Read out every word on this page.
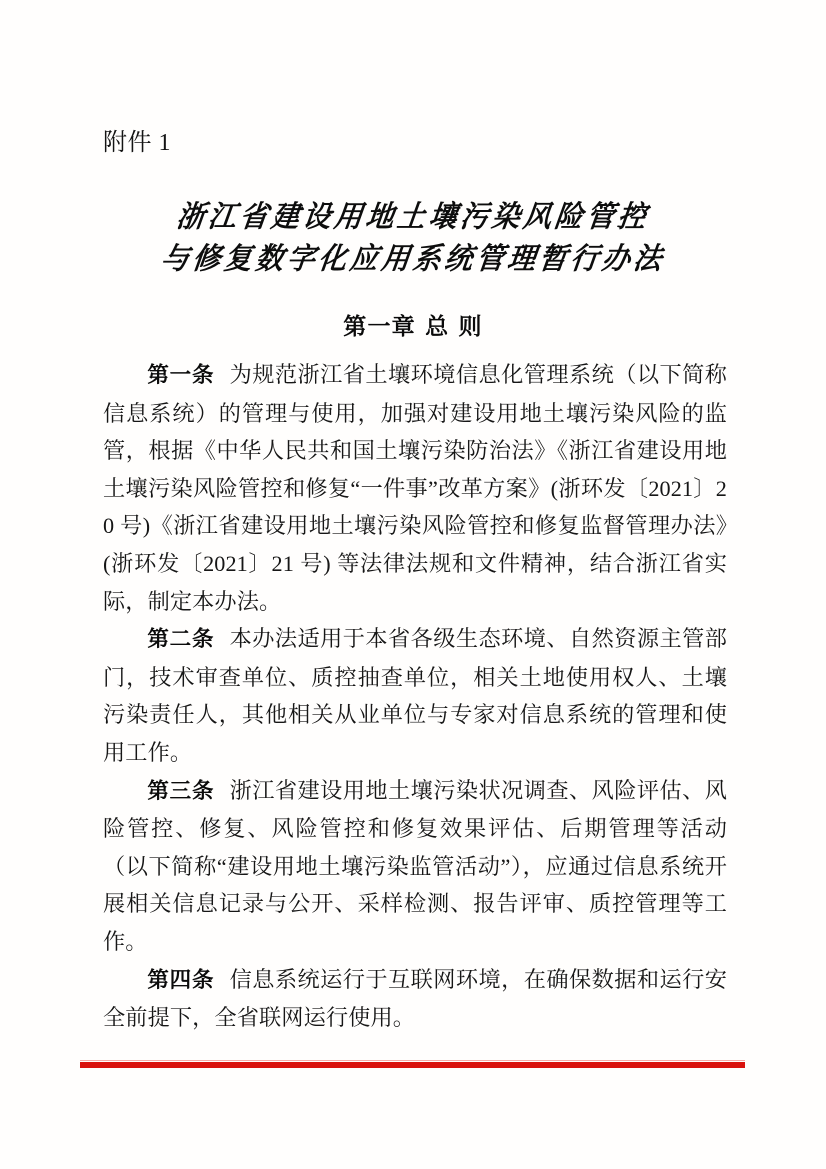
附件 1
浙江省建设用地土壤污染风险管控
与修复数字化应用系统管理暂行办法
第一章 总 则

第一条 为规范浙江省土壤环境信息化管理系统（以下简称信息系统）的管理与使用，加强对建设用地土壤污染风险的监管，根据《中华人民共和国土壤污染防治法》《浙江省建设用地土壤污染风险管控和修复“一件事”改革方案》(浙环发〔2021〕20 号)《浙江省建设用地土壤污染风险管控和修复监督管理办法》(浙环发〔2021〕21 号) 等法律法规和文件精神，结合浙江省实际，制定本办法。

第二条 本办法适用于本省各级生态环境、自然资源主管部门，技术审查单位、质控抽查单位，相关土地使用权人、土壤污染责任人，其他相关从业单位与专家对信息系统的管理和使用工作。

第三条 浙江省建设用地土壤污染状况调查、风险评估、风险管控、修复、风险管控和修复效果评估、后期管理等活动（以下简称“建设用地土壤污染监管活动”），应通过信息系统开展相关信息记录与公开、采样检测、报告评审、质控管理等工作。

第四条 信息系统运行于互联网环境，在确保数据和运行安全前提下，全省联网运行使用。
